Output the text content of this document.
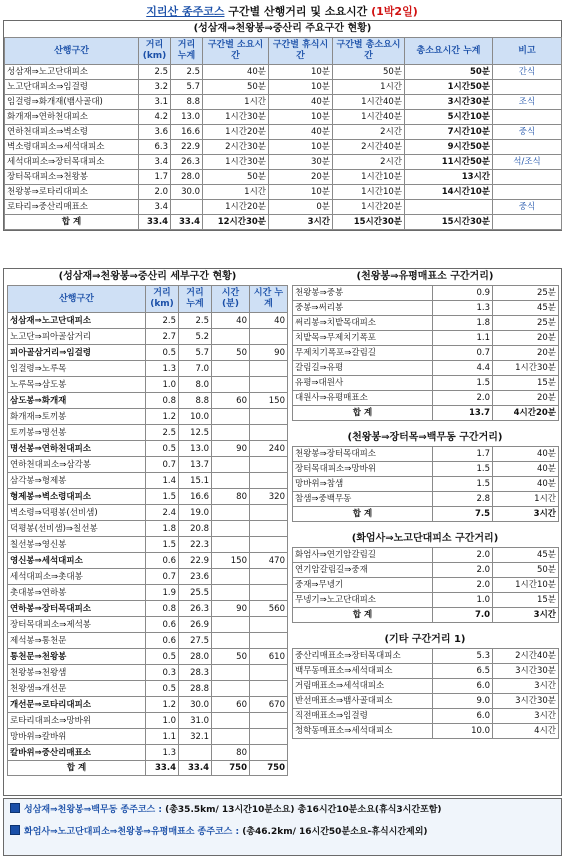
지리산 종주코스 구간별 산행거리 및 소요시간 (1박2일)
(성삼재⇒천왕봉⇒중산리 주요구간 현황)
산행구간	거리 (km)	거리 누계	구간별 소요시간	구간별 휴식시간	구간별 총소요시간	총소요시간 누계	비고
성삼재⇒노고단대피소	2.5	2.5	40분	10분	50분	50분	간식
노고단대피소⇒임걸령	3.2	5.7	50분	10분	1시간	1시간50분	
임걸령⇒화개재(뱀사골대)	3.1	8.8	1시간	40분	1시간40분	3시간30분	조식
화개재⇒연하천대피소	4.2	13.0	1시간30분	10분	1시간40분	5시간10분	
연하천대피소⇒벽소령	3.6	16.6	1시간20분	40분	2시간	7시간10분	중식
벽소령대피소⇒세석대피소	6.3	22.9	2시간30분	10분	2시간40분	9시간50분	
세석대피소⇒장터목대피소	3.4	26.3	1시간30분	30분	2시간	11시간50분	석/조식
장터목대피소⇒천왕봉	1.7	28.0	50분	20분	1시간10분	13시간	
천왕봉⇒로타리대피소	2.0	30.0	1시간	10분	1시간10분	14시간10분	
로타리⇒중산리매표소	3.4		1시간20분	0분	1시간20분		중식
합 계	33.4	33.4	12시간30분	3시간	15시간30분	15시간30분	
(성삼재⇒천왕봉⇒중산리 세부구간 현황)
산행구간	거리 (km)	거리 누계	시간 (분)	시간 누계
성삼재⇒노고단대피소	2.5	2.5	40	40
노고단⇒피아골삼거리	2.7	5.2		
피아골삼거리⇒임걸령	0.5	5.7	50	90
임걸령⇒노루목	1.3	7.0		
노루목⇒삼도봉	1.0	8.0		
삼도봉⇒화개재	0.8	8.8	60	150
화개재⇒토끼봉	1.2	10.0		
토끼봉⇒명선봉	2.5	12.5		
명선봉⇒연하천대피소	0.5	13.0	90	240
연하천대피소⇒삼각봉	0.7	13.7		
삼각봉⇒형제봉	1.4	15.1		
형제봉⇒벽소령대피소	1.5	16.6	80	320
벽소령⇒덕평봉(선비샘)	2.4	19.0		
덕평봉(선비샘)⇒칠선봉	1.8	20.8		
칠선봉⇒영신봉	1.5	22.3		
영신봉⇒세석대피소	0.6	22.9	150	470
세석대피소⇒촛대봉	0.7	23.6		
촛대봉⇒연하봉	1.9	25.5		
연하봉⇒장터목대피소	0.8	26.3	90	560
장터목대피소⇒제석봉	0.6	26.9		
제석봉⇒통천문	0.6	27.5		
통천문⇒천왕봉	0.5	28.0	50	610
천왕봉⇒천왕샘	0.3	28.3		
천왕샘⇒개선문	0.5	28.8		
개선문⇒로타리대피소	1.2	30.0	60	670
로타리대피소⇒망바위	1.0	31.0		
망바위⇒칼바위	1.1	32.1		
칼바위⇒중산리매표소	1.3		80	
합 계	33.4	33.4	750	750
(천왕봉⇒유평매표소 구간거리)
천왕봉⇒중봉	0.9	25분
중봉⇒써리봉	1.3	45분
써리봉⇒치밭목대피소	1.8	25분
치밭목⇒무제치기폭포	1.1	20분
무제치기폭포⇒갈림길	0.7	20분
갈림길⇒유평	4.4	1시간30분
유평⇒대원사	1.5	15분
대원사⇒유평매표소	2.0	20분
합 계	13.7	4시간20분
(천왕봉⇒장터목⇒백무동 구간거리)
천왕봉⇒장터목대피소	1.7	40분
장터목대피소⇒망바위	1.5	40분
망바위⇒참샘	1.5	40분
참샘⇒중백무동	2.8	1시간
합 계	7.5	3시간
(화엄사⇒노고단대피소 구간거리)
화엄사⇒연기암갈림길	2.0	45분
연기암갈림길⇒중재	2.0	50분
중재⇒무넹기	2.0	1시간10분
무넹기⇒노고단대피소	1.0	15분
합 계	7.0	3시간
(기타 구간거리 1)
중산리매표소⇒장터목대피소	5.3	2시간40분
백무동매표소⇒세석대피소	6.5	3시간30분
거림매표소⇒세석대피소	6.0	3시간
반선매표소⇒뱀사골대피소	9.0	3시간30분
직전매표소⇒임걸령	6.0	3시간
청학동매표소⇒세석대피소	10.0	4시간
성삼재⇒천왕봉⇒백무동 종주코스 : (총35.5km/ 13시간10분소요) 총16시간10분소요(휴식3시간포함)
화엄사⇒노고단대피소⇒천왕봉⇒유평매표소 종주코스 : (총46.2km/ 16시간50분소요-휴식시간제외)
